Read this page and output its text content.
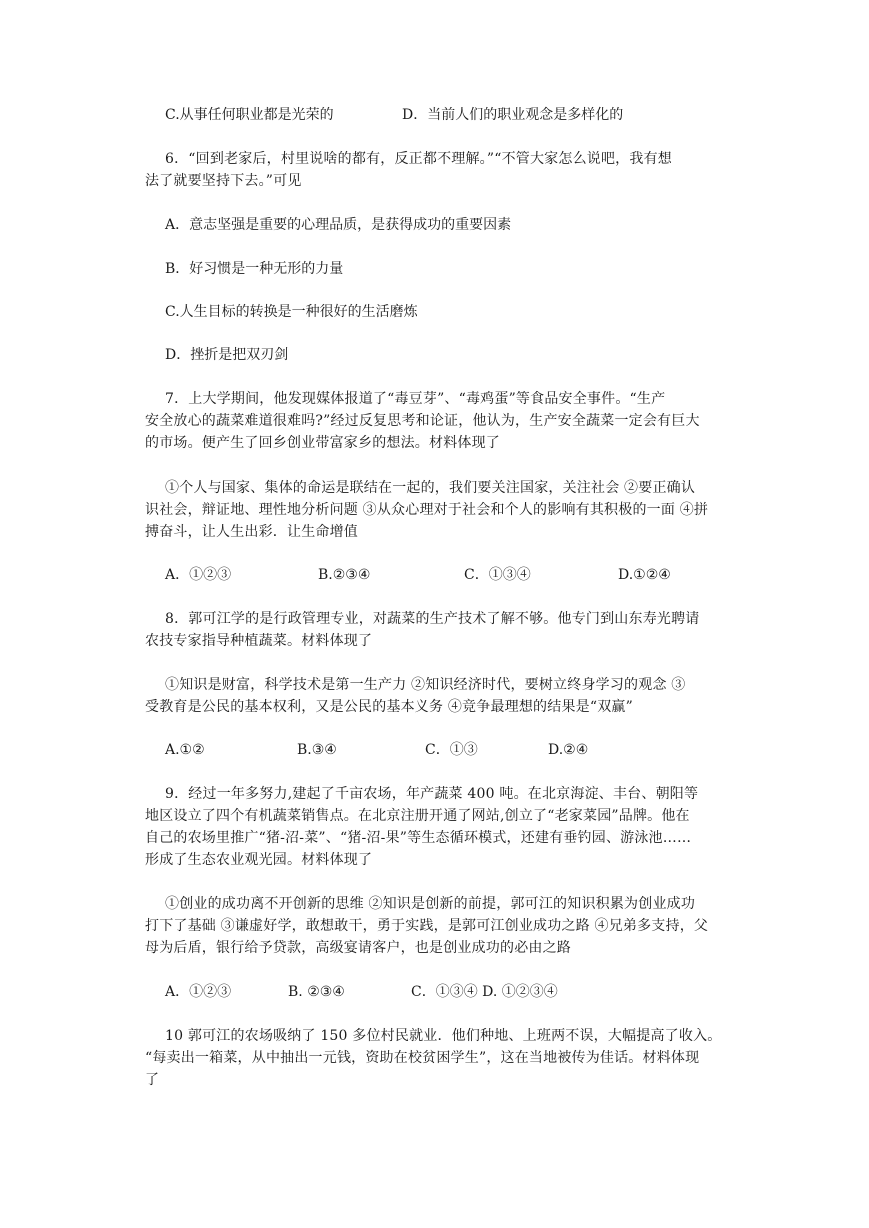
C.从事任何职业都是光荣的	D．当前人们的职业观念是多样化的
6．“回到老家后，村里说啥的都有，反正都不理解。”“不管大家怎么说吧，我有想
法了就要坚持下去。”可见
A．意志坚强是重要的心理品质，是获得成功的重要因素
B．好习惯是一种无形的力量
C.人生目标的转换是一种很好的生活磨炼
D．挫折是把双刃剑
7．上大学期间，他发现媒体报道了“毒豆芽”、“毒鸡蛋”等食品安全事件。“生产
安全放心的蔬菜难道很难吗?”经过反复思考和论证，他认为，生产安全蔬菜一定会有巨大
的市场。便产生了回乡创业带富家乡的想法。材料体现了
①个人与国家、集体的命运是联结在一起的，我们要关注国家，关注社会 ②要正确认
识社会，辩证地、理性地分析问题 ③从众心理对于社会和个人的影响有其积极的一面 ④拼
搏奋斗，让人生出彩．让生命增值
A．①②③	B.②③④	C．①③④	D.①②④
8．郭可江学的是行政管理专业，对蔬菜的生产技术了解不够。他专门到山东寿光聘请
农技专家指导种植蔬菜。材料体现了
①知识是财富，科学技术是第一生产力 ②知识经济时代，要树立终身学习的观念 ③
受教育是公民的基本权利，又是公民的基本义务 ④竞争最理想的结果是“双赢”
A.①②	B.③④	C．①③	D.②④
9．经过一年多努力,建起了千亩农场，年产蔬菜 400 吨。在北京海淀、丰台、朝阳等
地区设立了四个有机蔬菜销售点。在北京注册开通了网站,创立了“老家菜园”品牌。他在
自己的农场里推广“猪-沼-菜”、“猪-沼-果”等生态循环模式，还建有垂钓园、游泳池……
形成了生态农业观光园。材料体现了
①创业的成功离不开创新的思维 ②知识是创新的前提，郭可江的知识积累为创业成功
打下了基础 ③谦虚好学，敢想敢干，勇于实践，是郭可江创业成功之路 ④兄弟多支持，父
母为后盾，银行给予贷款，高级宴请客户，也是创业成功的必由之路
A．①②③	B. ②③④	C．①③④ D. ①②③④
10 郭可江的农场吸纳了 150 多位村民就业．他们种地、上班两不误，大幅提高了收入。
“每卖出一箱菜，从中抽出一元钱，资助在校贫困学生”，这在当地被传为佳话。材料体现
了
